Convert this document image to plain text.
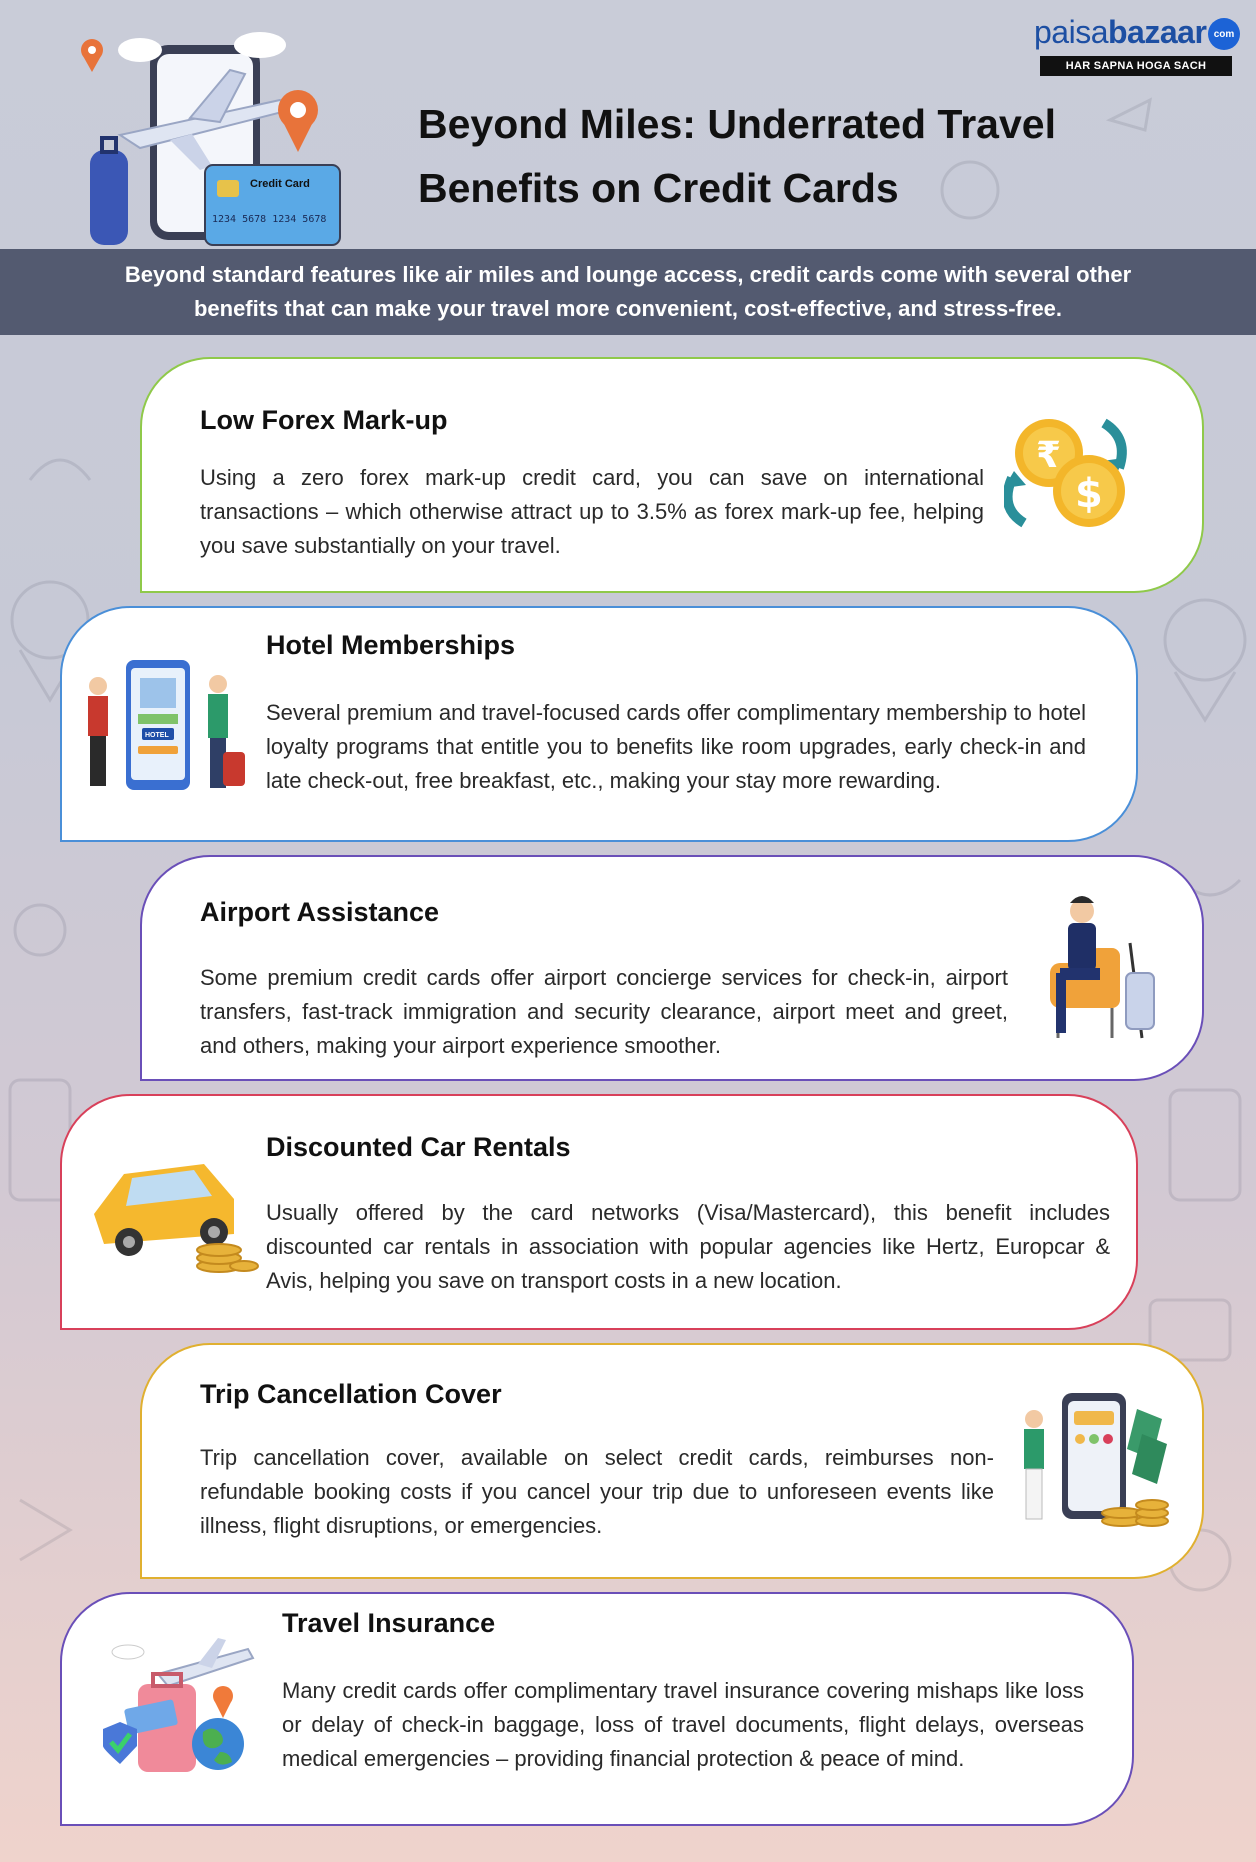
Credit Card
1234 5678 1234 5678
paisabazaar com
HAR SAPNA HOGA SACH
Beyond Miles: Underrated Travel
Benefits on Credit Cards
Beyond standard features like air miles and lounge access, credit cards come with several other
benefits that can make your travel more convenient, cost-effective, and stress-free.
Low Forex Mark-up
Using a zero forex mark-up credit card, you can save on international transactions – which otherwise attract up to 3.5% as forex mark-up fee, helping you save substantially on your travel.
₹
$
HOTEL
Hotel Memberships
Several premium and travel-focused cards offer complimentary membership to hotel loyalty programs that entitle you to benefits like room upgrades, early check-in and late check-out, free breakfast, etc., making your stay more rewarding.
Airport Assistance
Some premium credit cards offer airport concierge services for check-in, airport transfers, fast-track immigration and security clearance, airport meet and greet, and others, making your airport experience smoother.
Discounted Car Rentals
Usually offered by the card networks (Visa/Mastercard), this benefit includes discounted car rentals in association with popular agencies like Hertz, Europcar & Avis, helping you save on transport costs in a new location.
Trip Cancellation Cover
Trip cancellation cover, available on select credit cards, reimburses non-refundable booking costs if you cancel your trip due to unforeseen events like illness, flight disruptions, or emergencies.
Travel Insurance
Many credit cards offer complimentary travel insurance covering mishaps like loss or delay of check-in baggage, loss of travel documents, flight delays, overseas medical emergencies – providing financial protection & peace of mind.
